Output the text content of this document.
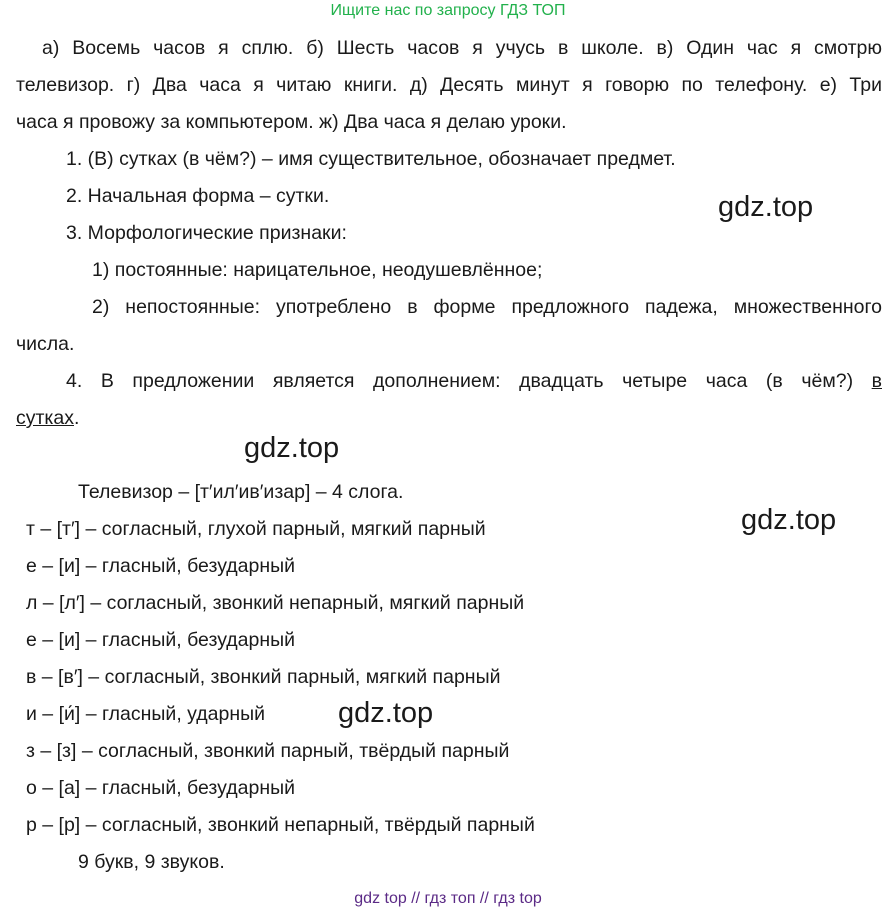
Ищите нас по запросу ГДЗ ТОП
а) Восемь часов я сплю. б) Шесть часов я учусь в школе. в) Один час я смотрю
телевизор. г) Два часа я читаю книги. д) Десять минут я говорю по телефону. е) Три
часа я провожу за компьютером. ж) Два часа я делаю уроки.
1. (В) сутках (в чём?) – имя существительное, обозначает предмет.
2. Начальная форма – сутки.
3. Морфологические признаки:
1) постоянные: нарицательное, неодушевлённое;
2) непостоянные: употреблено в форме предложного падежа, множественного
числа.
4. В предложении является дополнением: двадцать четыре часа (в чём?) в
сутках.
Телевизор – [т′ил′ив′изар] – 4 слога.
т – [т′] – согласный, глухой парный, мягкий парный
е – [и] – гласный, безударный
л – [л′] – согласный, звонкий непарный, мягкий парный
е – [и] – гласный, безударный
в – [в′] – согласный, звонкий парный, мягкий парный
и – [и́] – гласный, ударный
з – [з] – согласный, звонкий парный, твёрдый парный
о – [а] – гласный, безударный
р – [р] – согласный, звонкий непарный, твёрдый парный
9 букв, 9 звуков.
gdz.top
gdz.top
gdz.top
gdz.top
gdz top // гдз топ // гдз top
